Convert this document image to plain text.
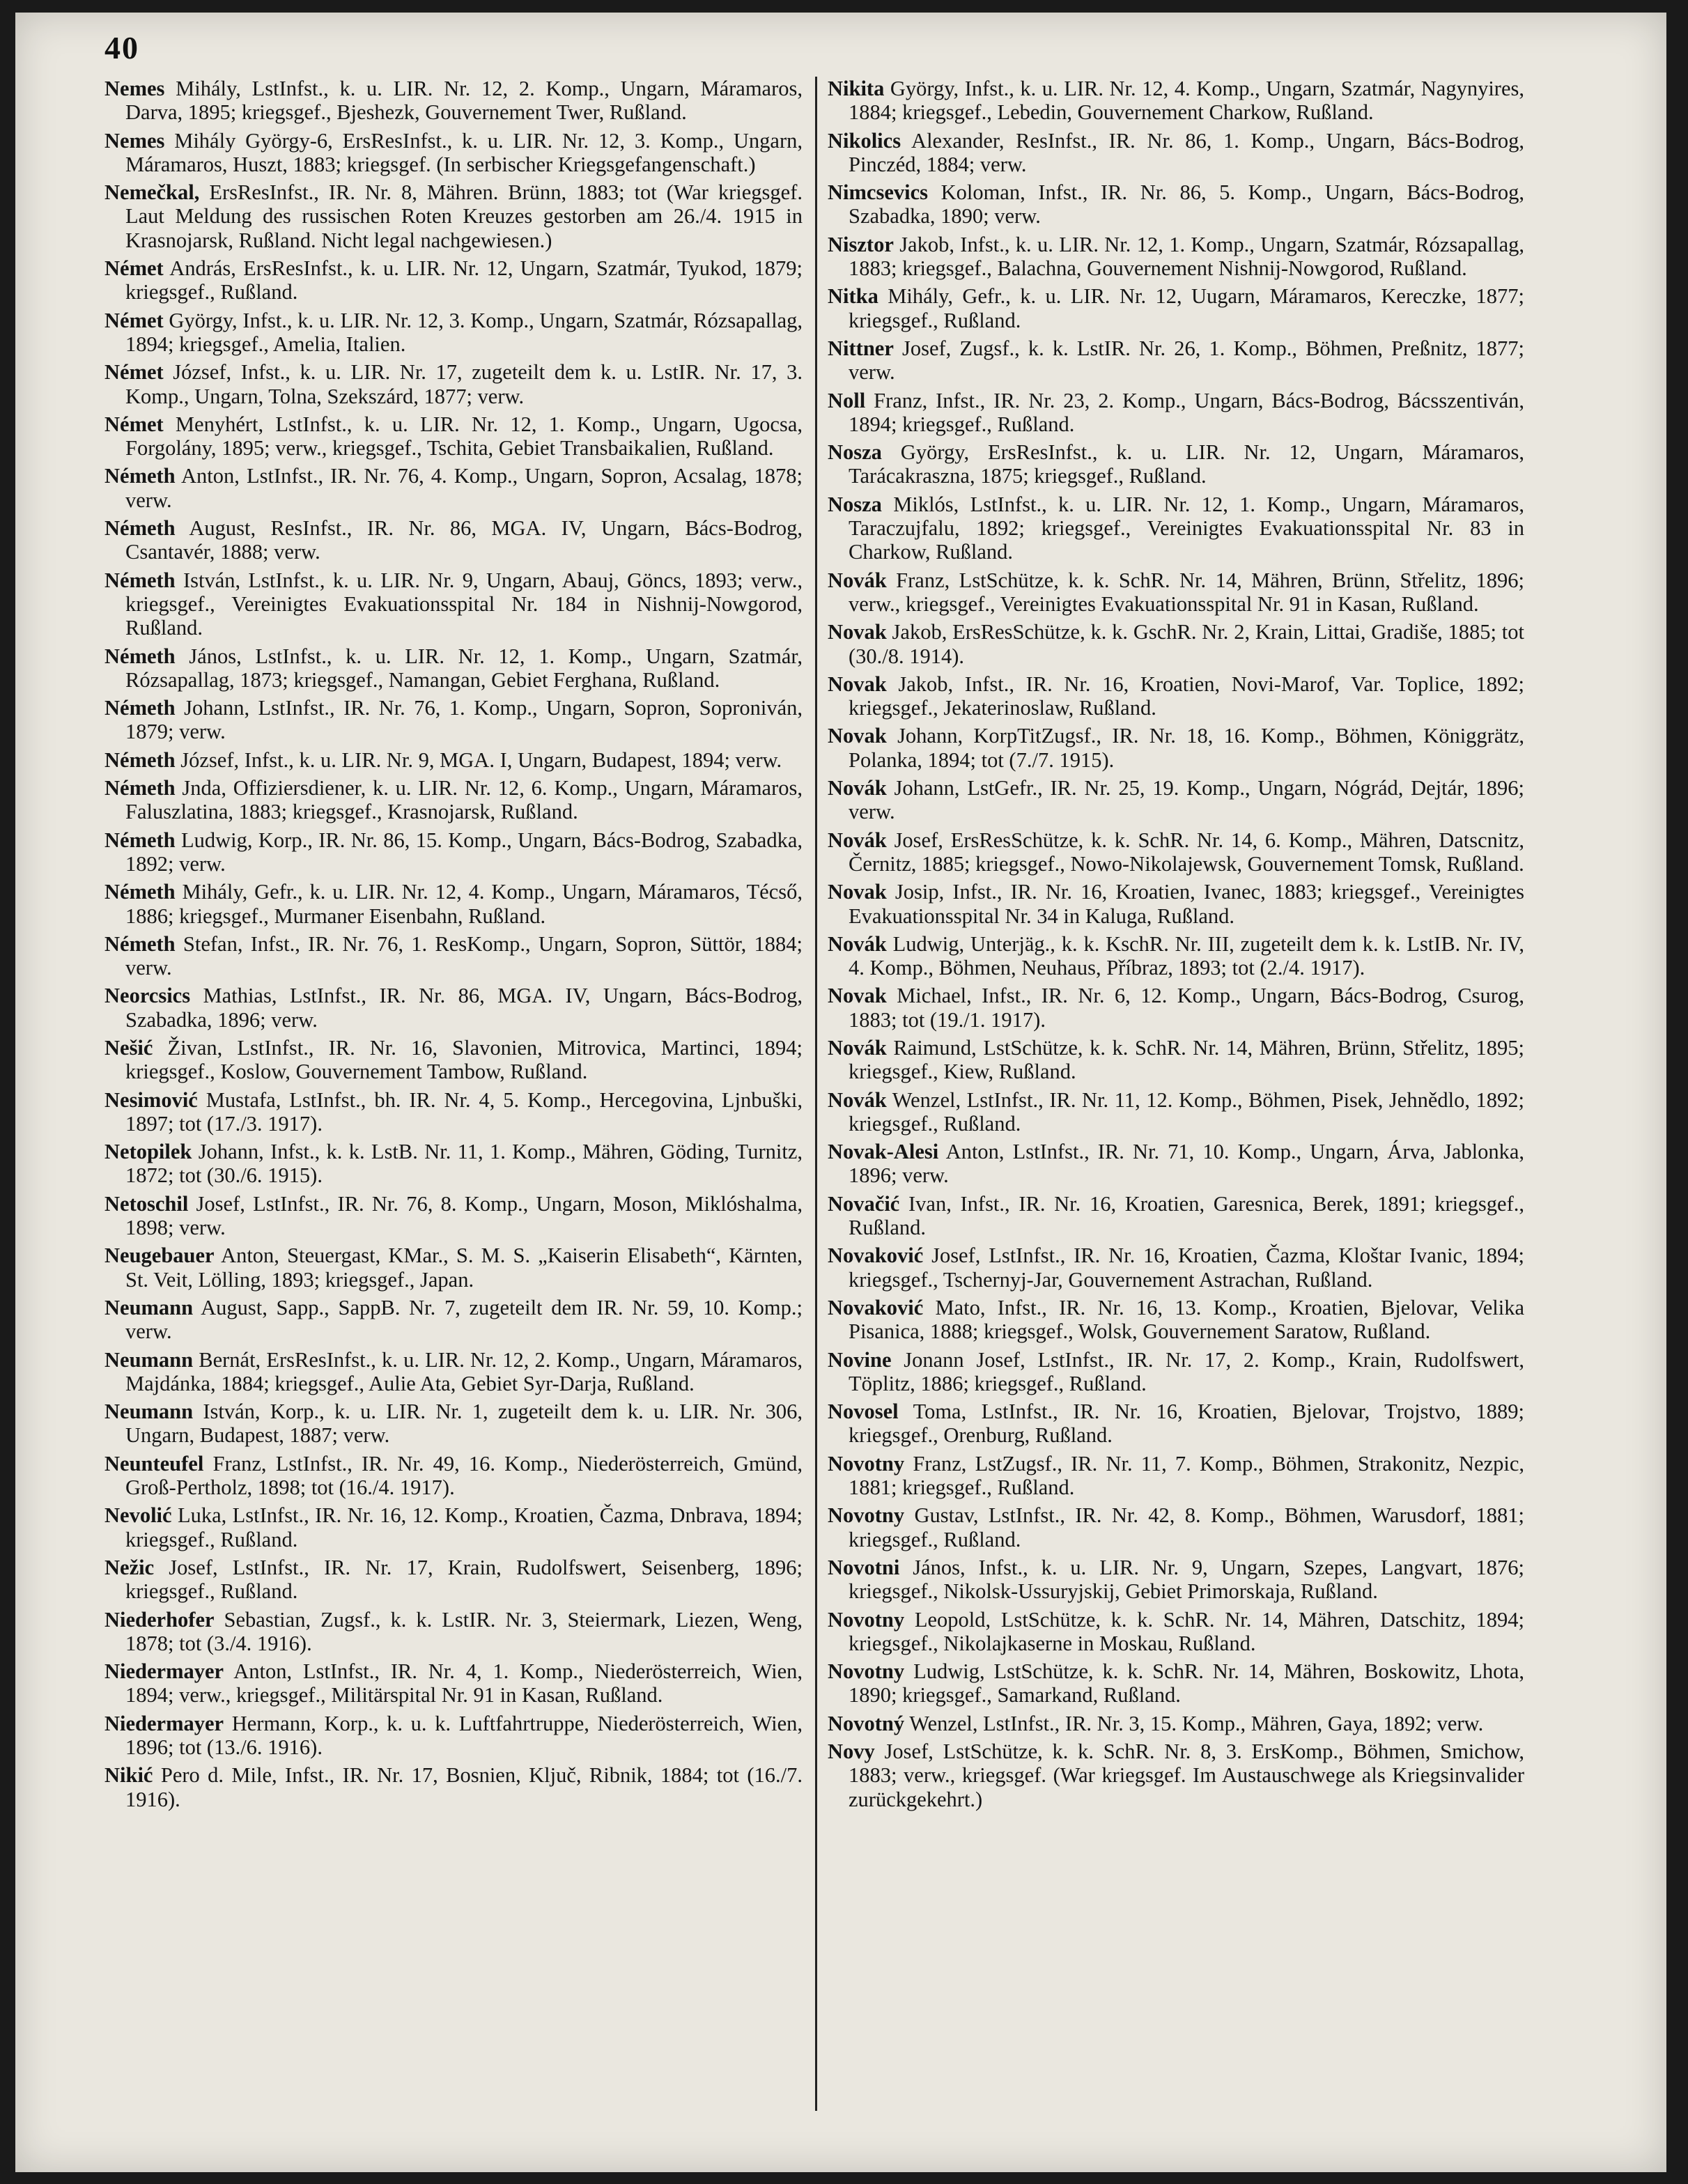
40

Nemes Mihály, LstInfst., k. u. LIR. Nr. 12, 2. Komp., Ungarn, Máramaros, Darva, 1895; kriegsgef., Bjeshezk, Gouvernement Twer, Rußland.

Nemes Mihály György-6, ErsResInfst., k. u. LIR. Nr. 12, 3. Komp., Ungarn, Máramaros, Huszt, 1883; kriegsgef. (In serbischer Kriegsgefangenschaft.)

Nemečkal, ErsResInfst., IR. Nr. 8, Mähren. Brünn, 1883; tot (War kriegsgef. Laut Meldung des russischen Roten Kreuzes gestorben am 26./4. 1915 in Krasnojarsk, Rußland. Nicht legal nachgewiesen.)

Német András, ErsResInfst., k. u. LIR. Nr. 12, Ungarn, Szatmár, Tyukod, 1879; kriegsgef., Rußland.

Német György, Infst., k. u. LIR. Nr. 12, 3. Komp., Ungarn, Szatmár, Rózsapallag, 1894; kriegsgef., Amelia, Italien.

Német József, Infst., k. u. LIR. Nr. 17, zugeteilt dem k. u. LstIR. Nr. 17, 3. Komp., Ungarn, Tolna, Szekszárd, 1877; verw.

Német Menyhért, LstInfst., k. u. LIR. Nr. 12, 1. Komp., Ungarn, Ugocsa, Forgolány, 1895; verw., kriegsgef., Tschita, Gebiet Transbaikalien, Rußland.

Németh Anton, LstInfst., IR. Nr. 76, 4. Komp., Ungarn, Sopron, Acsalag, 1878; verw.

Németh August, ResInfst., IR. Nr. 86, MGA. IV, Ungarn, Bács-Bodrog, Csantavér, 1888; verw.

Németh István, LstInfst., k. u. LIR. Nr. 9, Ungarn, Abauj, Göncs, 1893; verw., kriegsgef., Vereinigtes Evakuationsspital Nr. 184 in Nishnij-Nowgorod, Rußland.

Németh János, LstInfst., k. u. LIR. Nr. 12, 1. Komp., Ungarn, Szatmár, Rózsapallag, 1873; kriegsgef., Namangan, Gebiet Ferghana, Rußland.

Németh Johann, LstInfst., IR. Nr. 76, 1. Komp., Ungarn, Sopron, Soproniván, 1879; verw.

Németh József, Infst., k. u. LIR. Nr. 9, MGA. I, Ungarn, Budapest, 1894; verw.

Németh Jnda, Offiziersdiener, k. u. LIR. Nr. 12, 6. Komp., Ungarn, Máramaros, Faluszlatina, 1883; kriegsgef., Krasnojarsk, Rußland.

Németh Ludwig, Korp., IR. Nr. 86, 15. Komp., Ungarn, Bács-Bodrog, Szabadka, 1892; verw.

Németh Mihály, Gefr., k. u. LIR. Nr. 12, 4. Komp., Ungarn, Máramaros, Técső, 1886; kriegsgef., Murmaner Eisenbahn, Rußland.

Németh Stefan, Infst., IR. Nr. 76, 1. ResKomp., Ungarn, Sopron, Süttör, 1884; verw.

Neorcsics Mathias, LstInfst., IR. Nr. 86, MGA. IV, Ungarn, Bács-Bodrog, Szabadka, 1896; verw.

Nešić Živan, LstInfst., IR. Nr. 16, Slavonien, Mitrovica, Martinci, 1894; kriegsgef., Koslow, Gouvernement Tambow, Rußland.

Nesimović Mustafa, LstInfst., bh. IR. Nr. 4, 5. Komp., Hercegovina, Ljnbuški, 1897; tot (17./3. 1917).

Netopilek Johann, Infst., k. k. LstB. Nr. 11, 1. Komp., Mähren, Göding, Turnitz, 1872; tot (30./6. 1915).

Netoschil Josef, LstInfst., IR. Nr. 76, 8. Komp., Ungarn, Moson, Miklóshalma, 1898; verw.

Neugebauer Anton, Steuergast, KMar., S. M. S. „Kaiserin Elisabeth“, Kärnten, St. Veit, Lölling, 1893; kriegsgef., Japan.

Neumann August, Sapp., SappB. Nr. 7, zugeteilt dem IR. Nr. 59, 10. Komp.; verw.

Neumann Bernát, ErsResInfst., k. u. LIR. Nr. 12, 2. Komp., Ungarn, Máramaros, Majdánka, 1884; kriegsgef., Aulie Ata, Gebiet Syr-Darja, Rußland.

Neumann István, Korp., k. u. LIR. Nr. 1, zugeteilt dem k. u. LIR. Nr. 306, Ungarn, Budapest, 1887; verw.

Neunteufel Franz, LstInfst., IR. Nr. 49, 16. Komp., Niederösterreich, Gmünd, Groß-Pertholz, 1898; tot (16./4. 1917).

Nevolić Luka, LstInfst., IR. Nr. 16, 12. Komp., Kroatien, Čazma, Dnbrava, 1894; kriegsgef., Rußland.

Nežic Josef, LstInfst., IR. Nr. 17, Krain, Rudolfswert, Seisenberg, 1896; kriegsgef., Rußland.

Niederhofer Sebastian, Zugsf., k. k. LstIR. Nr. 3, Steiermark, Liezen, Weng, 1878; tot (3./4. 1916).

Niedermayer Anton, LstInfst., IR. Nr. 4, 1. Komp., Niederösterreich, Wien, 1894; verw., kriegsgef., Militärspital Nr. 91 in Kasan, Rußland.

Niedermayer Hermann, Korp., k. u. k. Luftfahrtruppe, Niederösterreich, Wien, 1896; tot (13./6. 1916).

Nikić Pero d. Mile, Infst., IR. Nr. 17, Bosnien, Ključ, Ribnik, 1884; tot (16./7. 1916).

Nikita György, Infst., k. u. LIR. Nr. 12, 4. Komp., Ungarn, Szatmár, Nagynyires, 1884; kriegsgef., Lebedin, Gouvernement Charkow, Rußland.

Nikolics Alexander, ResInfst., IR. Nr. 86, 1. Komp., Ungarn, Bács-Bodrog, Pinczéd, 1884; verw.

Nimcsevics Koloman, Infst., IR. Nr. 86, 5. Komp., Ungarn, Bács-Bodrog, Szabadka, 1890; verw.

Nisztor Jakob, Infst., k. u. LIR. Nr. 12, 1. Komp., Ungarn, Szatmár, Rózsapallag, 1883; kriegsgef., Balachna, Gouvernement Nishnij-Nowgorod, Rußland.

Nitka Mihály, Gefr., k. u. LIR. Nr. 12, Uugarn, Máramaros, Kereczke, 1877; kriegsgef., Rußland.

Nittner Josef, Zugsf., k. k. LstIR. Nr. 26, 1. Komp., Böhmen, Preßnitz, 1877; verw.

Noll Franz, Infst., IR. Nr. 23, 2. Komp., Ungarn, Bács-Bodrog, Bácsszentiván, 1894; kriegsgef., Rußland.

Nosza György, ErsResInfst., k. u. LIR. Nr. 12, Ungarn, Máramaros, Tarácakraszna, 1875; kriegsgef., Rußland.

Nosza Miklós, LstInfst., k. u. LIR. Nr. 12, 1. Komp., Ungarn, Máramaros, Taraczujfalu, 1892; kriegsgef., Vereinigtes Evakuationsspital Nr. 83 in Charkow, Rußland.

Novák Franz, LstSchütze, k. k. SchR. Nr. 14, Mähren, Brünn, Střelitz, 1896; verw., kriegsgef., Vereinigtes Evakuationsspital Nr. 91 in Kasan, Rußland.

Novak Jakob, ErsResSchütze, k. k. GschR. Nr. 2, Krain, Littai, Gradiše, 1885; tot (30./8. 1914).

Novak Jakob, Infst., IR. Nr. 16, Kroatien, Novi-Marof, Var. Toplice, 1892; kriegsgef., Jekaterinoslaw, Rußland.

Novak Johann, KorpTitZugsf., IR. Nr. 18, 16. Komp., Böhmen, Königgrätz, Polanka, 1894; tot (7./7. 1915).

Novák Johann, LstGefr., IR. Nr. 25, 19. Komp., Ungarn, Nógrád, Dejtár, 1896; verw.

Novák Josef, ErsResSchütze, k. k. SchR. Nr. 14, 6. Komp., Mähren, Datscnitz, Černitz, 1885; kriegsgef., Nowo-Nikolajewsk, Gouvernement Tomsk, Rußland.

Novak Josip, Infst., IR. Nr. 16, Kroatien, Ivanec, 1883; kriegsgef., Vereinigtes Evakuationsspital Nr. 34 in Kaluga, Rußland.

Novák Ludwig, Unterjäg., k. k. KschR. Nr. III, zugeteilt dem k. k. LstIB. Nr. IV, 4. Komp., Böhmen, Neuhaus, Příbraz, 1893; tot (2./4. 1917).

Novak Michael, Infst., IR. Nr. 6, 12. Komp., Ungarn, Bács-Bodrog, Csurog, 1883; tot (19./1. 1917).

Novák Raimund, LstSchütze, k. k. SchR. Nr. 14, Mähren, Brünn, Střelitz, 1895; kriegsgef., Kiew, Rußland.

Novák Wenzel, LstInfst., IR. Nr. 11, 12. Komp., Böhmen, Pisek, Jehnědlo, 1892; kriegsgef., Rußland.

Novak-Alesi Anton, LstInfst., IR. Nr. 71, 10. Komp., Ungarn, Árva, Jablonka, 1896; verw.

Novačić Ivan, Infst., IR. Nr. 16, Kroatien, Garesnica, Berek, 1891; kriegsgef., Rußland.

Novaković Josef, LstInfst., IR. Nr. 16, Kroatien, Čazma, Kloštar Ivanic, 1894; kriegsgef., Tschernyj-Jar, Gouvernement Astrachan, Rußland.

Novaković Mato, Infst., IR. Nr. 16, 13. Komp., Kroatien, Bjelovar, Velika Pisanica, 1888; kriegsgef., Wolsk, Gouvernement Saratow, Rußland.

Novine Jonann Josef, LstInfst., IR. Nr. 17, 2. Komp., Krain, Rudolfswert, Töplitz, 1886; kriegsgef., Rußland.

Novosel Toma, LstInfst., IR. Nr. 16, Kroatien, Bjelovar, Trojstvo, 1889; kriegsgef., Orenburg, Rußland.

Novotny Franz, LstZugsf., IR. Nr. 11, 7. Komp., Böhmen, Strakonitz, Nezpic, 1881; kriegsgef., Rußland.

Novotny Gustav, LstInfst., IR. Nr. 42, 8. Komp., Böhmen, Warusdorf, 1881; kriegsgef., Rußland.

Novotni János, Infst., k. u. LIR. Nr. 9, Ungarn, Szepes, Langvart, 1876; kriegsgef., Nikolsk-Ussuryjskij, Gebiet Primorskaja, Rußland.

Novotny Leopold, LstSchütze, k. k. SchR. Nr. 14, Mähren, Datschitz, 1894; kriegsgef., Nikolajkaserne in Moskau, Rußland.

Novotny Ludwig, LstSchütze, k. k. SchR. Nr. 14, Mähren, Boskowitz, Lhota, 1890; kriegsgef., Samarkand, Rußland.

Novotný Wenzel, LstInfst., IR. Nr. 3, 15. Komp., Mähren, Gaya, 1892; verw.

Novy Josef, LstSchütze, k. k. SchR. Nr. 8, 3. ErsKomp., Böhmen, Smichow, 1883; verw., kriegsgef. (War kriegsgef. Im Austauschwege als Kriegsinvalider zurückgekehrt.)
